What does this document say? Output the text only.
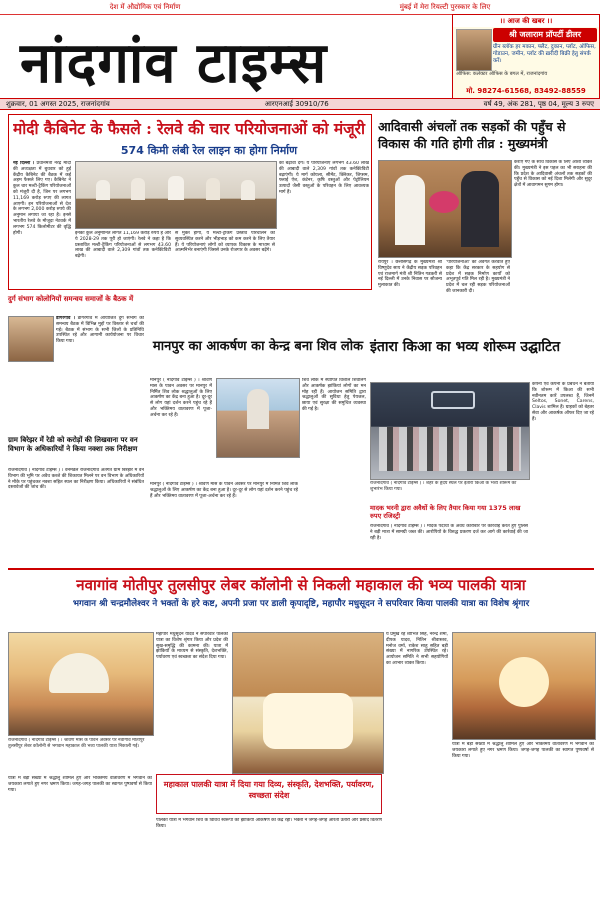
देश में औद्योगिक एवं निर्माण	मुंबई में मेरा रियल्टी पुरस्कार के लिए
नांदगांव टाइम्स
।। आज की खबर ।।
श्री जलाराम प्रॉपर्टी डीलर
ग्रीन ब्लॉक हर मकान, फ्लैट, दुकान, प्लॉट, ऑफिस, गोडाउन, जमीन, प्लॉट की ख़रीदी बिक्री हेतु संपर्क करें।
ऑफिस: कलेक्टर ऑफिस के बगल में, राजनांदगांव
मो. 98274-61568, 83492-88559
शुक्रवार, 01 अगस्त 2025, राजनांदगांव	आरएनआई 30910/76	वर्ष 49, अंक 281, पृष्ठ 04, मूल्य 3 रुपए
मोदी कैबिनेट के फैसले : रेलवे की चार परियोजनाओं को मंजूरी
574 किमी लंबी रेल लाइन का होगा निर्माण
नई दिल्ली । प्रधानमंत्री नरेंद्र मोदी की अध्यक्षता में बुधवार को हुई केंद्रीय कैबिनेट की बैठक में कई अहम फैसले लिए गए। कैबिनेट ने कुल चार मल्टी-ट्रैकिंग परियोजनाओं को मंजूरी दी है, जिन पर लगभग 11,169 करोड़ रुपए की लागत आएगी। इन परियोजनाओं से देश के लगभग 2,000 करोड़ रुपये की अनुमान लगाया जा रहा है। इनसे भारतीय रेलवे के मौजूदा नेटवर्क में लगभग 574 किलोमीटर की वृद्धि होगी।	इनकी कुल अनुमानित लागत 11,169 करोड़ रुपये है और ये 2028-29 तक पूरी हो जाएंगी। रेलवे ने कहा है कि प्रस्तावित मल्टी-ट्रैकिंग परियोजनाओं से लगभग 43.60 लाख की आबादी वाले 2,309 गांवों तक कनेक्टिविटी बढ़ेगी।
से मुक्त होगा, ये मल्टी-ट्रैकिंग प्रस्ताव परिचालन को सुव्यवस्थित करने और भीड़भाड़ को कम करने के लिए तैयार हैं। ये परियोजनाएं लोगों को व्यापक विकास के माध्यम से आत्मनिर्भर बनाएंगी जिससे उनके रोजगार के अवसर बढ़ेंगे।
को बढ़ावा देंगे। ये परियोजनाएं लगभग 43.60 लाख की आबादी वाले 2,309 गांवों तक कनेक्टिविटी बढ़ाएंगी। ये मार्ग कोयला, सीमेंट, क्लिंकर, जिप्सम, फ्लाई ऐश, कंटेनर, कृषि वस्तुओं और पेट्रोलियम उत्पादों जैसी वस्तुओं के परिवहन के लिए आवश्यक मार्ग हैं।
आदिवासी अंचलों तक सड़कों की पहुँच से विकास की गति होगी तीव्र : मुख्यमंत्री
कराए गए के साथ विकास के लिए आशा व्यक्त की। मुख्यमंत्री ने इस पहल का भी सराहना की कि प्रदेश के आदिवासी अंचलों तक सड़कों की पहुँच से विकास को नई दिशा मिलेगी और सुदूर क्षेत्रों में आवागमन सुगम होगा।
रायपुर । छत्तीसगढ़ के मुख्यमंत्री श्री विष्णुदेव साय ने केंद्रीय सड़क परिवहन एवं राजमार्ग मंत्री श्री नितिन गडकरी से नई दिल्ली में उनके निवास पर सौजन्य मुलाकात की।
'परियोजनाओं' को अवगत करवाते हुए कहा कि केंद्र सरकार के सहयोग से प्रदेश में सड़क निर्माण कार्यों को अभूतपूर्व गति मिल रही है। मुख्यमंत्री ने प्रदेश में चल रही सड़क परियोजनाओं की जानकारी दी।
दुर्ग संभाग कोलोनियों समन्वय समाजों के बैठक में
डोंगरगांव । डोंगरगांव में आयोजित दुर्ग संभाग की समन्वय बैठक में विभिन्न मुद्दों पर विस्तार से चर्चा की गई। बैठक में संभाग के सभी जिलों के प्रतिनिधि उपस्थित रहे और आगामी कार्ययोजना पर विचार किया गया।
ग्राम बिरेझर में रेडी को करोड़ों की लिखवाना पर वन विभाग के अधिकारियों ने किया नक्शा तक निरीक्षण
राजनांदगांव ( नांदगांव टाइम्स ) । वनमंडल राजनांदगांव अंतर्गत ग्राम बिरेझर में वन विभाग की भूमि पर अवैध कब्जे की शिकायत मिलने पर वन विभाग के अधिकारियों ने मौके पर पहुंचकर नक्शा सहित स्थल का निरीक्षण किया। अधिकारियों ने संबंधित दस्तावेजों की जांच की।
मानपुर का आकर्षण का केन्द्र बना शिव लोक
मानपुर ( नांदगांव टाइम्स ) । श्रावण मास के पावन अवसर पर मानपुर में निर्मित शिव लोक श्रद्धालुओं के लिए आकर्षण का केंद्र बना हुआ है। दूर-दूर से लोग यहां दर्शन करने पहुंच रहे हैं और भक्तिमय वातावरण में पूजा-अर्चना कर रहे हैं।
शिव लोक में स्थापित विशाल शिवलिंग और आकर्षक झांकियां लोगों का मन मोह रही हैं। आयोजन समिति द्वारा श्रद्धालुओं की सुविधा हेतु पेयजल, छाया एवं सुरक्षा की समुचित व्यवस्था की गई है।
मानपुर ( नांदगांव टाइम्स ) । श्रावण मास के पावन अवसर पर मानपुर में निर्मित शिव लोक श्रद्धालुओं के लिए आकर्षण का केंद्र बना हुआ है। दूर-दूर से लोग यहां दर्शन करने पहुंच रहे हैं और भक्तिमय वातावरण में पूजा-अर्चना कर रहे हैं।
इंतारा किआ का भव्य शोरूम उद्घाटित
कंपनी एवं कंपनी के प्रबंधन ने बताया कि शोरूम में किआ की सभी नवीनतम कारें उपलब्ध हैं, जिनमें Seltos, Sonet, Carens, Clavis शामिल हैं। ग्राहकों को बेहतर सेवा और आकर्षक ऑफर दिए जा रहे हैं।
राजनांदगांव ( नांदगांव टाइम्स ) । शहर के हृदय स्थल पर इंतारा किआ के भव्य शोरूम का शुभारंभ किया गया।
मादक भरनी द्वारा अवैधों के लिए तैयार किया गया 1375 लाख रुपए रजिस्ट्री
राजनांदगांव ( नांदगांव टाइम्स ) । मादक पदार्थों के अवैध कारोबार पर कार्रवाई करते हुए पुलिस ने बड़ी मात्रा में सामग्री जब्त की। आरोपियों के विरुद्ध प्रकरण दर्ज कर आगे की कार्रवाई की जा रही है।
नवागांव मोतीपुर तुलसीपुर लेबर कॉलोनी से निकली महाकाल की भव्य पालकी यात्रा
भगवान श्री चन्द्रमौलेश्वर ने भक्तों के हरे कष्ट, अपनी प्रजा पर डाली कृपादृष्टि, महापौर मधुसूदन ने सपरिवार किया पालकी यात्रा का विशेष श्रृंगार
राजनांदगांव ( नांदगांव टाइम्स ) । श्रावण मास के पावन अवसर पर नवागांव मोतीपुर तुलसीपुर लेबर कॉलोनी से भगवान महाकाल की भव्य पालकी यात्रा निकाली गई।
यात्रा में बड़ी संख्या में श्रद्धालु शामिल हुए और भक्तिमय वातावरण में भगवान का जयकारा लगाते हुए नगर भ्रमण किया। जगह-जगह पालकी का स्वागत पुष्पवर्षा से किया गया।
महापौर मधुसूदन यादव ने सपरिवार पालकी यात्रा का विशेष श्रृंगार किया और प्रदेश की सुख-समृद्धि की कामना की। यात्रा में झांकियों के माध्यम से संस्कृति, देशभक्ति, पर्यावरण एवं स्वच्छता का संदेश दिया गया।
महाकाल पालकी यात्रा में दिया गया दिव्य, संस्कृति, देशभक्ति, पर्यावरण, स्वच्छता संदेश
पालकी यात्रा में भगवान शिव के विविध स्वरूपों की झांकियां आकर्षण का केंद्र रहीं। भक्तों ने जगह-जगह आरती उतारी और प्रसाद वितरण किया।
ये प्रमुख रहे शोभित सिंह, नरेन्द्र शर्मा, दीपक यादव, नितिन श्रीवास्तव, मनोज वर्मा, राकेश साहू सहित बड़ी संख्या में नागरिक उपस्थित रहे। आयोजन समिति ने सभी सहयोगियों का आभार व्यक्त किया।
यात्रा में बड़ी संख्या में श्रद्धालु शामिल हुए और भक्तिमय वातावरण में भगवान का जयकारा लगाते हुए नगर भ्रमण किया। जगह-जगह पालकी का स्वागत पुष्पवर्षा से किया गया।
